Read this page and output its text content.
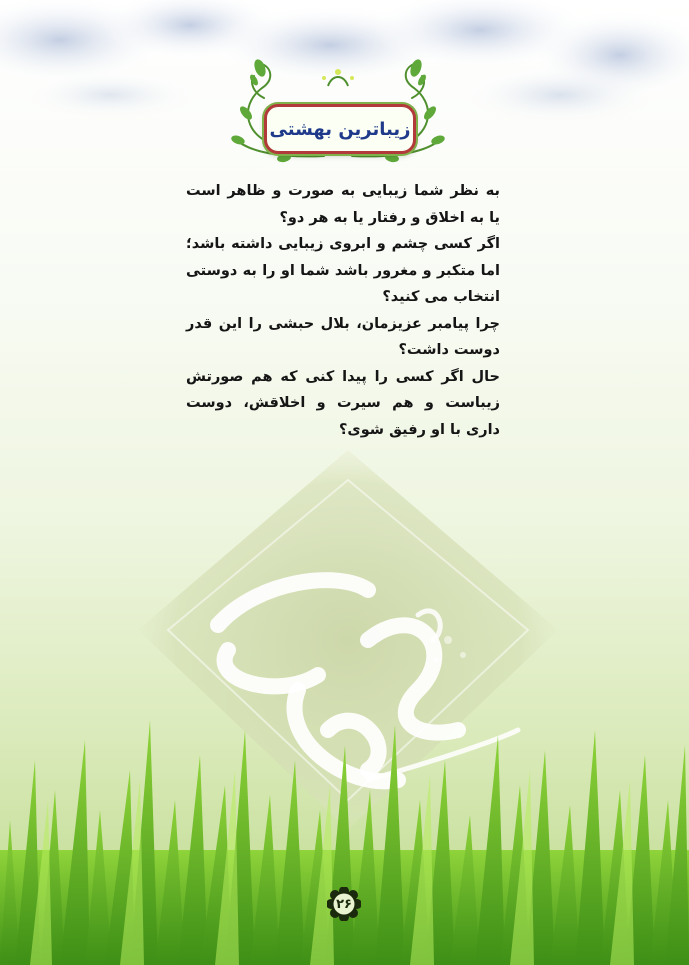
زیباترین بهشتی

به نظر شما زیبایی به صورت و ظاهر است یا به اخلاق و رفتار یا به هر دو؟

اگر کسی چشم و ابروی زیبایی داشته باشد؛ اما متکبر و مغرور باشد شما او را به دوستی انتخاب می کنید؟

چرا پیامبر عزیزمان، بلال حبشی را این قدر دوست داشت؟

حال اگر کسی را پیدا کنی که هم صورتش زیباست و هم سیرت و اخلاقش، دوست داری با او رفیق شوی؟

۲۶
